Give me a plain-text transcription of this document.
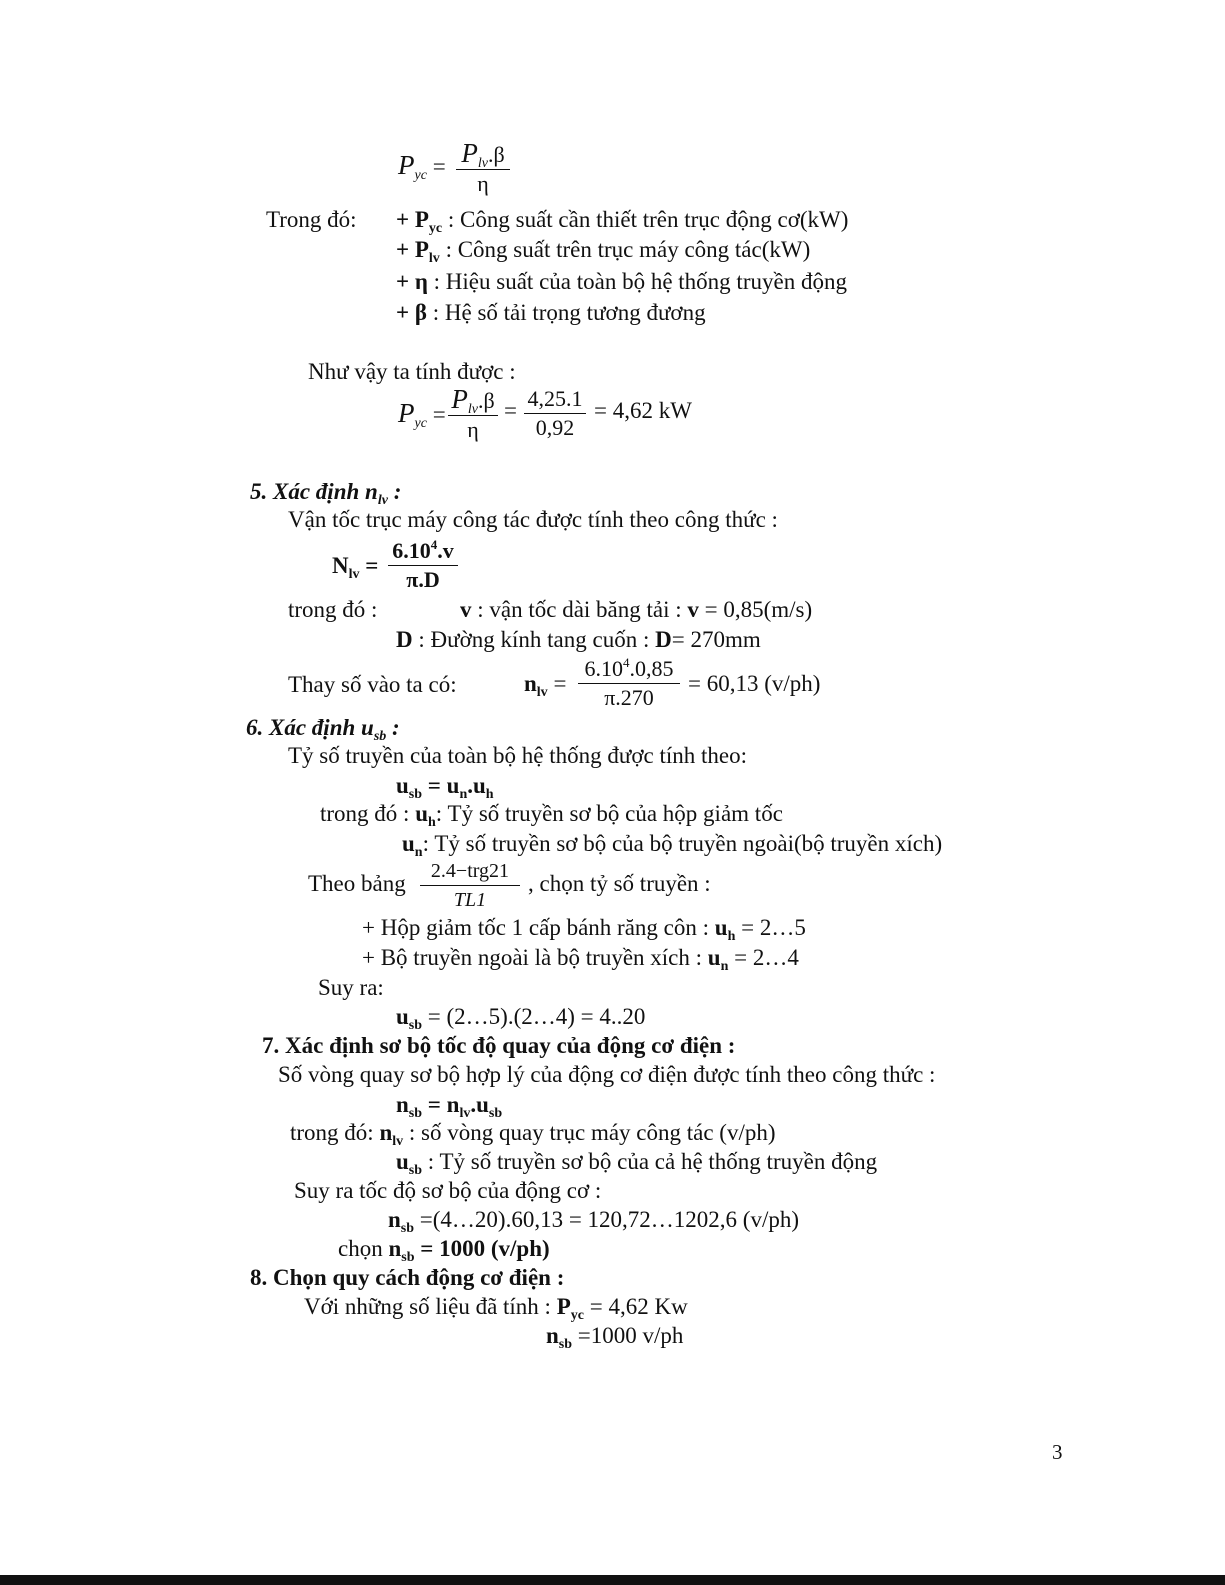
$P_{yc} = P_{lv}.\beta$
η
Trong đó: + $P_{yc}$ : Công suất cần thiết trên trục động cơ(kW)
+ $P_{lv}$ : Công suất trên trục máy công tác(kW)
+ η : Hiệu suất của toàn bộ hệ thống truyền động
+ β : Hệ số tải trọng tương đương
Như vậy ta tính được :
$P_{yc}$ =
$P_{lv}.\beta$
η
= 4,25.1
0,92
= 4,62 kW
5. Xác định $n_{lv}$ :
Vận tốc trục máy công tác được tính theo công thức :
$N_{lv}$ =
$6.10^4.v$
π.D
trong đó :	v : vận tốc dài băng tải : v = 0,85(m/s)
D : Đường kính tang cuốn : D= 270mm
Thay số vào ta có:	$n_{lv}$ =
$6.10^4.0,85$
π.270
= 60,13 (v/ph)
6. Xác định $u_{sb}$ :
Tỷ số truyền của toàn bộ hệ thống được tính theo:
$u_{sb} = u_n.u_h$
trong đó : $u_h$: Tỷ số truyền sơ bộ của hộp giảm tốc
$u_n$: Tỷ số truyền sơ bộ của bộ truyền ngoài(bộ truyền xích)
Theo bảng	2.4−trg21
TL1
, chọn tỷ số truyền :
+ Hộp giảm tốc 1 cấp bánh răng côn : $u_h$ = 2…5
+ Bộ truyền ngoài là bộ truyền xích : $u_n$ = 2…4
Suy ra:
$u_{sb}$ = (2…5).(2…4) = 4..20
7. Xác định sơ bộ tốc độ quay của động cơ điện :
Số vòng quay sơ bộ hợp lý của động cơ điện được tính theo công thức :
$n_{sb} = n_{lv}.u_{sb}$
trong đó: $n_{lv}$ : số vòng quay trục máy công tác (v/ph)
$u_{sb}$ : Tỷ số truyền sơ bộ của cả hệ thống truyền động
Suy ra tốc độ sơ bộ của động cơ :
$n_{sb}$ =(4…20).60,13 = 120,72…1202,6 (v/ph)
chọn $n_{sb} = 1000$ (v/ph)
8. Chọn quy cách động cơ điện :
Với những số liệu đã tính : $P_{yc} = 4,62$ Kw
$n_{sb} =1000$ v/ph
3
